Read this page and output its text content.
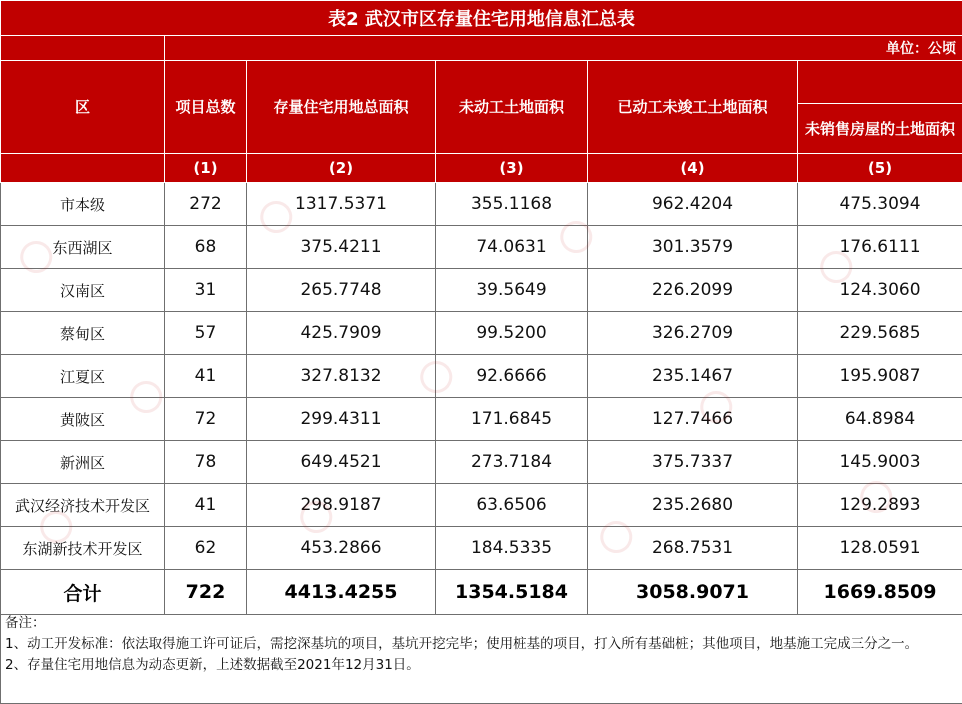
表2 武汉市区存量住宅用地信息汇总表					
	单位：公顷				
区	项目总数	存量住宅用地总面积	未动工土地面积	已动工未竣工土地面积	
					未销售房屋的土地面积
	(1)	(2)	(3)	(4)	(5)
市本级	272	1317.5371	355.1168	962.4204	475.3094
东西湖区	68	375.4211	74.0631	301.3579	176.6111
汉南区	31	265.7748	39.5649	226.2099	124.3060
蔡甸区	57	425.7909	99.5200	326.2709	229.5685
江夏区	41	327.8132	92.6666	235.1467	195.9087
黄陂区	72	299.4311	171.6845	127.7466	64.8984
新洲区	78	649.4521	273.7184	375.7337	145.9003
武汉经济技术开发区	41	298.9187	63.6506	235.2680	129.2893
东湖新技术开发区	62	453.2866	184.5335	268.7531	128.0591
合计	722	4413.4255	1354.5184	3058.9071	1669.8509
备注：
1、动工开发标准：依法取得施工许可证后，需挖深基坑的项目，基坑开挖完毕；使用桩基的项目，打入所有基础桩；其他项目，地基施工完成三分之一。
2、存量住宅用地信息为动态更新，上述数据截至2021年12月31日。
